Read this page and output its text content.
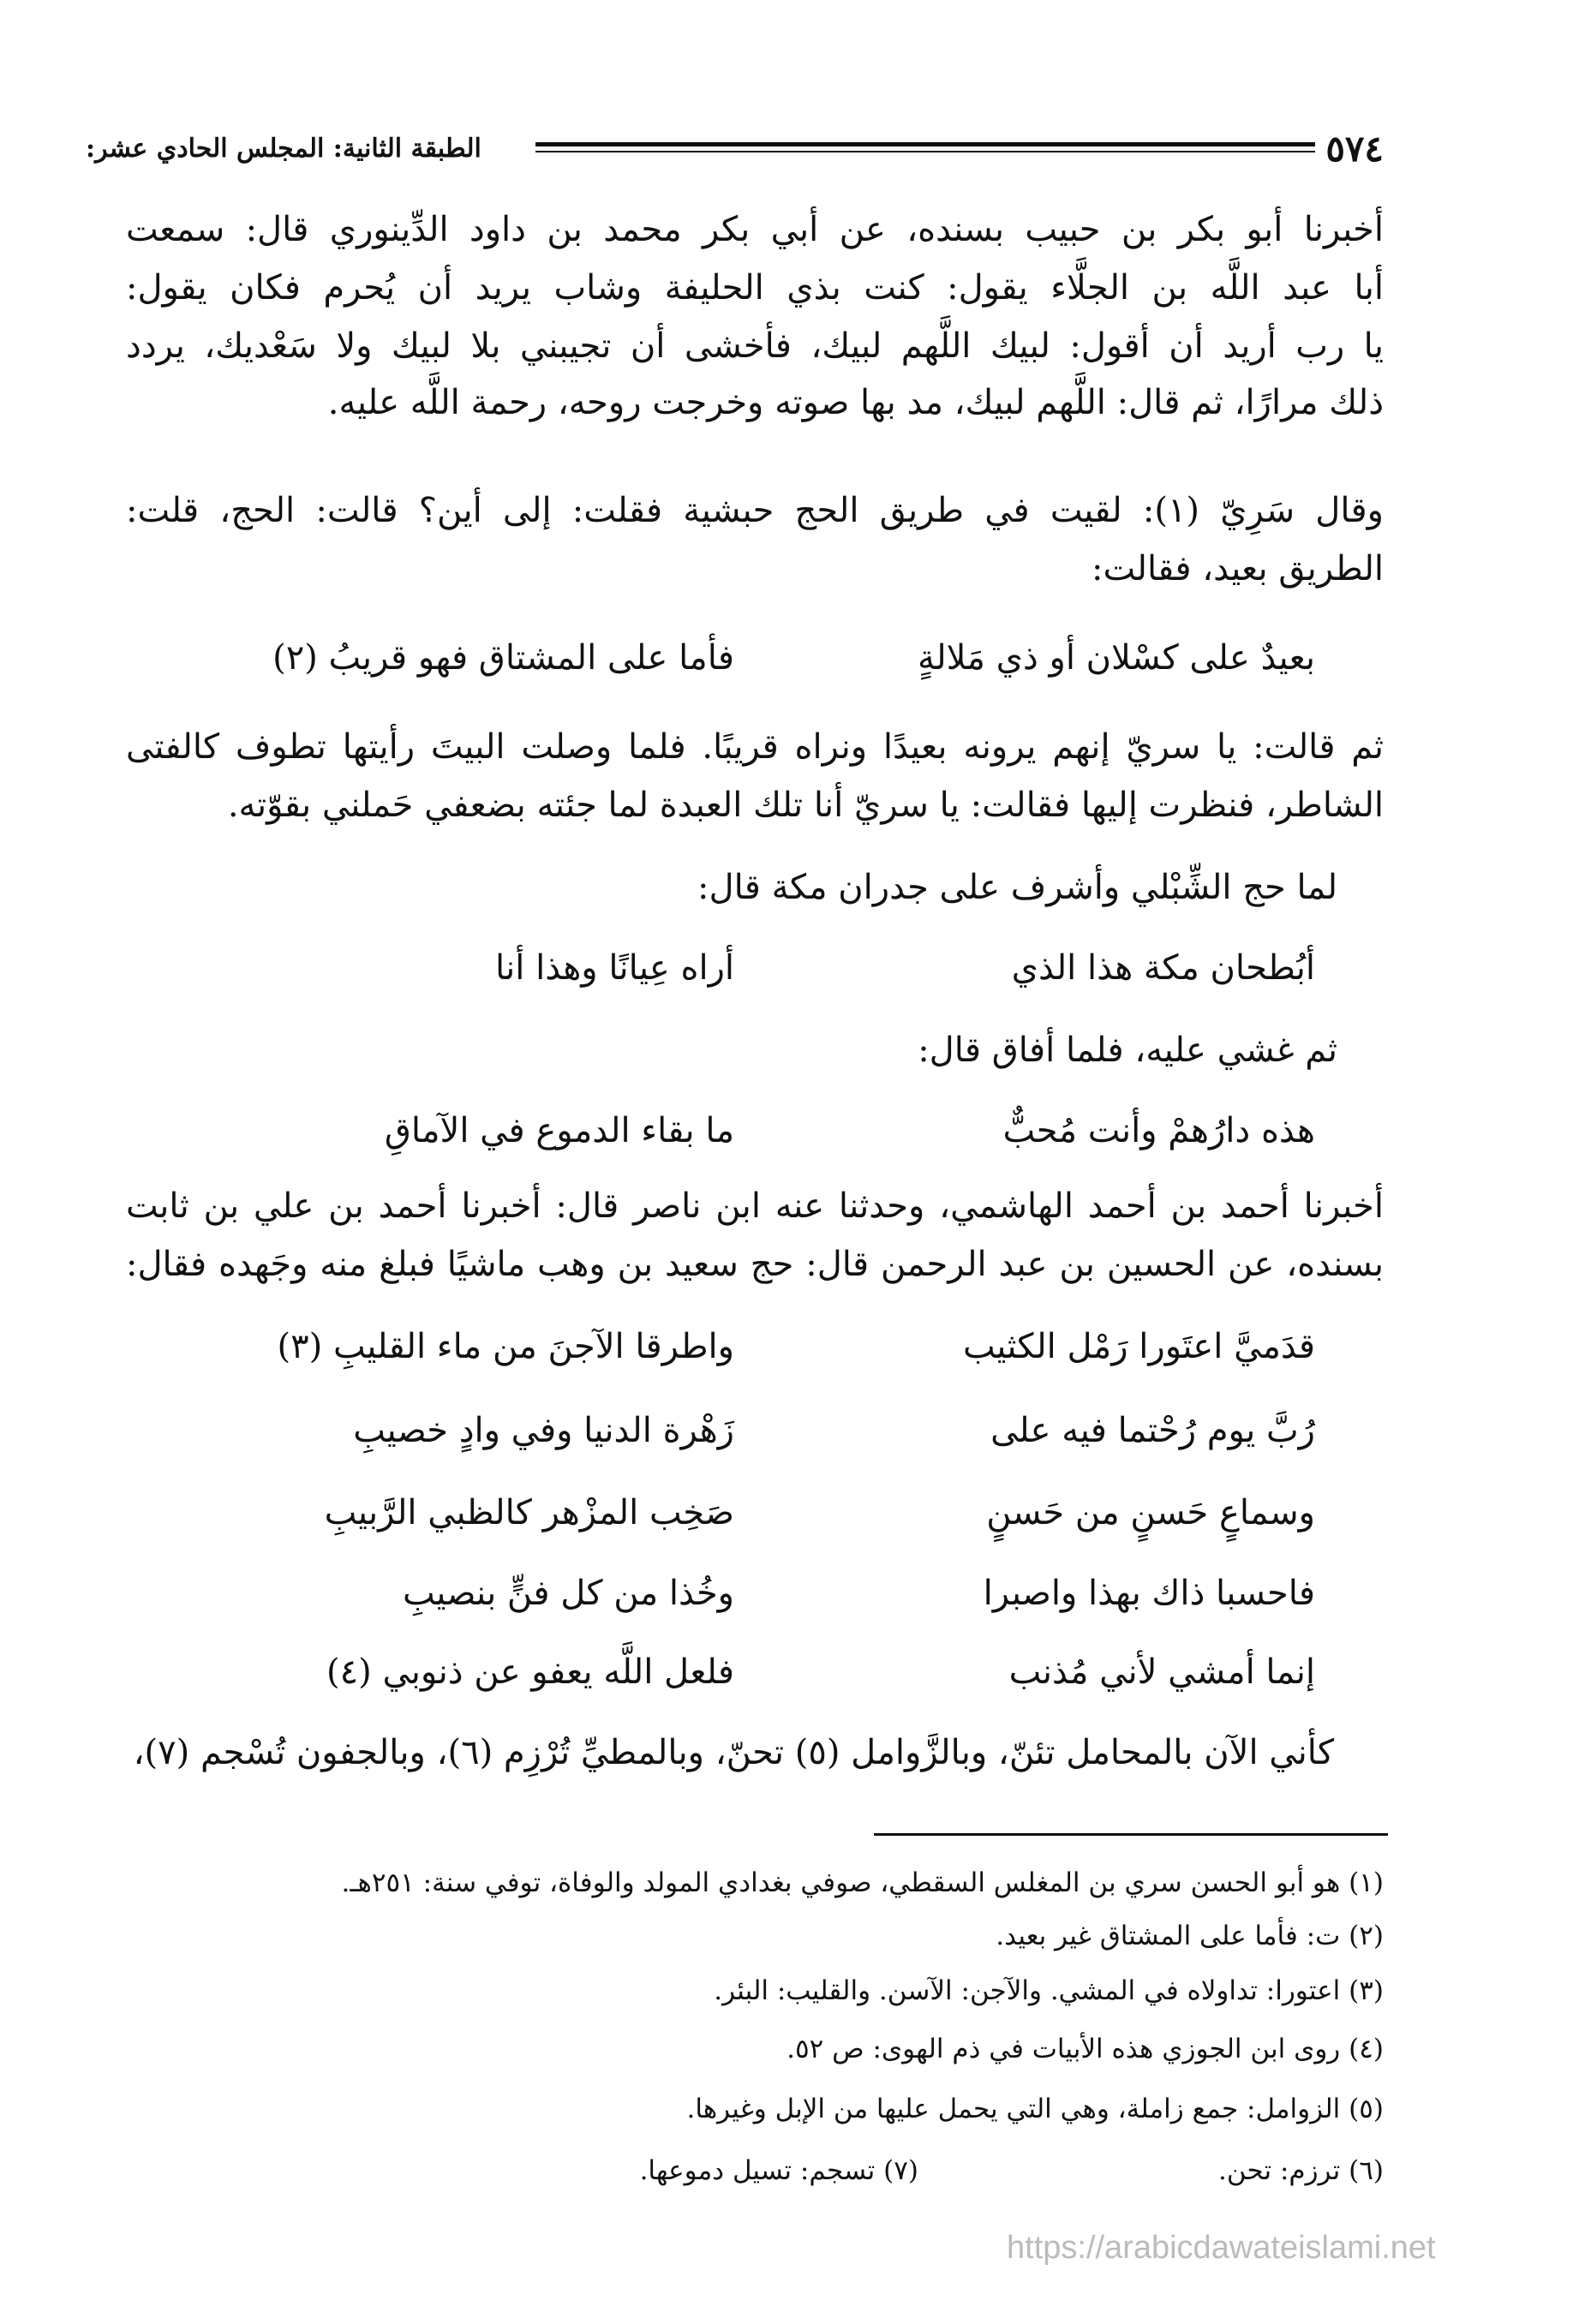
٥٧٤
الطبقة الثانية: المجلس الحادي عشر:
أخبرنا أبو بكر بن حبيب بسنده، عن أبي بكر محمد بن داود الدِّينوري قال: سمعت
أبا عبد اللَّه بن الجلَّاء يقول: كنت بذي الحليفة وشاب يريد أن يُحرم فكان يقول:
يا رب أريد أن أقول: لبيك اللَّهم لبيك، فأخشى أن تجيبني بلا لبيك ولا سَعْديك، يردد
ذلك مرارًا، ثم قال: اللَّهم لبيك، مد بها صوته وخرجت روحه، رحمة اللَّه عليه.
وقال سَرِيّ (١): لقيت في طريق الحج حبشية فقلت: إلى أين؟ قالت: الحج، قلت:
الطريق بعيد، فقالت:
بعيدٌ على كسْلان أو ذي مَلالةٍ
فأما على المشتاق فهو قريبُ (٢)
ثم قالت: يا سريّ إنهم يرونه بعيدًا ونراه قريبًا. فلما وصلت البيتَ رأيتها تطوف كالفتى
الشاطر، فنظرت إليها فقالت: يا سريّ أنا تلك العبدة لما جئته بضعفي حَملني بقوّته.
لما حج الشِّبْلي وأشرف على جدران مكة قال:
أبُطحان مكة هذا الذي
أراه عِيانًا وهذا أنا
ثم غشي عليه، فلما أفاق قال:
هذه دارُهمْ وأنت مُحبٌّ
ما بقاء الدموع في الآماقِ
أخبرنا أحمد بن أحمد الهاشمي، وحدثنا عنه ابن ناصر قال: أخبرنا أحمد بن علي بن ثابت
بسنده، عن الحسين بن عبد الرحمن قال: حج سعيد بن وهب ماشيًا فبلغ منه وجَهده فقال:
قدَميَّ اعتَورا رَمْل الكثيب
واطرقا الآجنَ من ماء القليبِ (٣)
رُبَّ يوم رُحْتما فيه على
زَهْرة الدنيا وفي وادٍ خصيبِ
وسماعٍ حَسنٍ من حَسنٍ
صَخِب المزْهر كالظبي الرَّبيبِ
فاحسبا ذاك بهذا واصبرا
وخُذا من كل فنٍّ بنصيبِ
إنما أمشي لأني مُذنب
فلعل اللَّه يعفو عن ذنوبي (٤)
كأني الآن بالمحامل تئنّ، وبالزَّوامل (٥) تحنّ، وبالمطيِّ تُرْزِم (٦)، وبالجفون تُسْجم (٧)،
(١) هو أبو الحسن سري بن المغلس السقطي، صوفي بغدادي المولد والوفاة، توفي سنة: ٢٥١هـ.
(٢) ت: فأما على المشتاق غير بعيد.
(٣) اعتورا: تداولاه في المشي. والآجن: الآسن. والقليب: البئر.
(٤) روى ابن الجوزي هذه الأبيات في ذم الهوى: ص ٥٢.
(٥) الزوامل: جمع زاملة، وهي التي يحمل عليها من الإبل وغيرها.
(٦) ترزم: تحن.
(٧) تسجم: تسيل دموعها.
https://arabicdawateislami.net
